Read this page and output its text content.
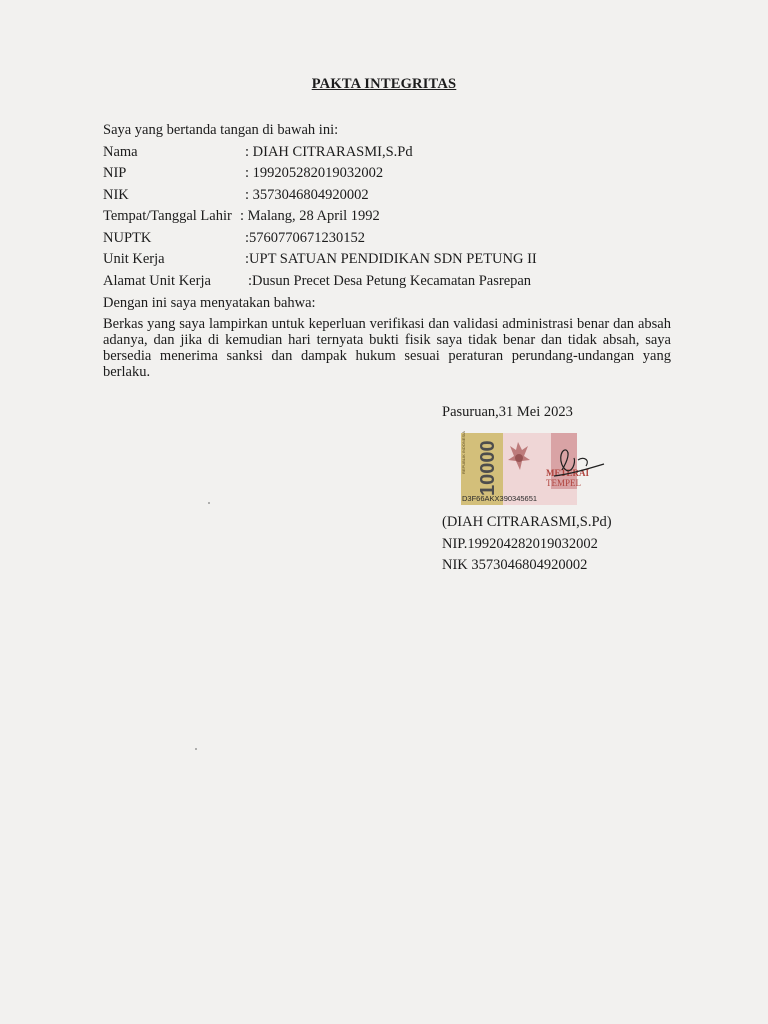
PAKTA INTEGRITAS
Saya yang bertanda tangan di bawah ini:
Nama	: DIAH CITRARASMI,S.Pd
NIP	: 199205282019032002
NIK	: 3573046804920002
Tempat/Tanggal Lahir : Malang, 28 April 1992
NUPTK	:5760770671230152
Unit Kerja	:UPT SATUAN PENDIDIKAN SDN PETUNG II
Alamat Unit Kerja	:Dusun Precet Desa Petung Kecamatan Pasrepan
Dengan ini saya menyatakan bahwa:
Berkas yang saya lampirkan untuk keperluan verifikasi dan validasi administrasi benar dan absah adanya, dan jika di kemudian hari ternyata bukti fisik saya tidak benar dan tidak absah, saya bersedia menerima sanksi dan dampak hukum sesuai peraturan perundang-undangan yang berlaku.
Pasuruan,31 Mei 2023
REPUBLIK INDONESIA 10000	METERAI
TEMPEL
D3F66AKX390345651
(DIAH CITRARASMI,S.Pd)
NIP.199204282019032002
NIK 3573046804920002
